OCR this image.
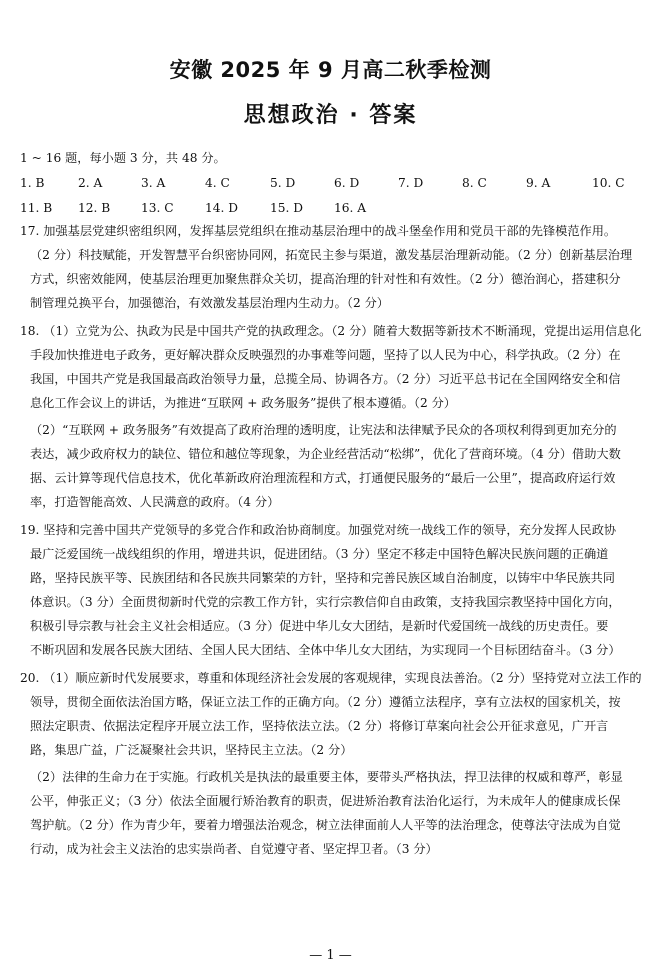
安徽 2025 年 9 月高二秋季检测
思想政治 · 答案
1 ~ 16 题，每小题 3 分，共 48 分。
1. B	2. A	3. A	4. C	5. D	6. D	7. D	8. C	9. A	10. C
11. B 12. B	13. C	14. D	15. D	16. A
17. 加强基层党建织密组织网，发挥基层党组织在推动基层治理中的战斗堡垒作用和党员干部的先锋模范作用。
（2 分）科技赋能，开发智慧平台织密协同网，拓宽民主参与渠道，激发基层治理新动能。（2 分）创新基层治理
方式，织密效能网，使基层治理更加聚焦群众关切，提高治理的针对性和有效性。（2 分）德治润心，搭建积分
制管理兑换平台，加强德治，有效激发基层治理内生动力。（2 分）
18. （1）立党为公、执政为民是中国共产党的执政理念。（2 分）随着大数据等新技术不断涌现，党提出运用信息化
手段加快推进电子政务，更好解决群众反映强烈的办事难等问题，坚持了以人民为中心，科学执政。（2 分）在
我国，中国共产党是我国最高政治领导力量，总揽全局、协调各方。（2 分）习近平总书记在全国网络安全和信
息化工作会议上的讲话，为推进“互联网 + 政务服务”提供了根本遵循。（2 分）
（2）“互联网 + 政务服务”有效提高了政府治理的透明度，让宪法和法律赋予民众的各项权利得到更加充分的
表达，减少政府权力的缺位、错位和越位等现象，为企业经营活动“松绑”，优化了营商环境。（4 分）借助大数
据、云计算等现代信息技术，优化革新政府治理流程和方式，打通便民服务的“最后一公里”，提高政府运行效
率，打造智能高效、人民满意的政府。（4 分）
19. 坚持和完善中国共产党领导的多党合作和政治协商制度。加强党对统一战线工作的领导，充分发挥人民政协
最广泛爱国统一战线组织的作用，增进共识，促进团结。（3 分）坚定不移走中国特色解决民族问题的正确道
路，坚持民族平等、民族团结和各民族共同繁荣的方针，坚持和完善民族区域自治制度，以铸牢中华民族共同
体意识。（3 分）全面贯彻新时代党的宗教工作方针，实行宗教信仰自由政策，支持我国宗教坚持中国化方向，
积极引导宗教与社会主义社会相适应。（3 分）促进中华儿女大团结，是新时代爱国统一战线的历史责任。要
不断巩固和发展各民族大团结、全国人民大团结、全体中华儿女大团结，为实现同一个目标团结奋斗。（3 分）
20. （1）顺应新时代发展要求，尊重和体现经济社会发展的客观规律，实现良法善治。（2 分）坚持党对立法工作的
领导，贯彻全面依法治国方略，保证立法工作的正确方向。（2 分）遵循立法程序，享有立法权的国家机关，按
照法定职责、依据法定程序开展立法工作，坚持依法立法。（2 分）将修订草案向社会公开征求意见，广开言
路，集思广益，广泛凝聚社会共识，坚持民主立法。（2 分）
（2）法律的生命力在于实施。行政机关是执法的最重要主体，要带头严格执法，捍卫法律的权威和尊严，彰显
公平，伸张正义；（3 分）依法全面履行矫治教育的职责，促进矫治教育法治化运行，为未成年人的健康成长保
驾护航。（2 分）作为青少年，要着力增强法治观念，树立法律面前人人平等的法治理念，使尊法守法成为自觉
行动，成为社会主义法治的忠实崇尚者、自觉遵守者、坚定捍卫者。（3 分）
— 1 —
